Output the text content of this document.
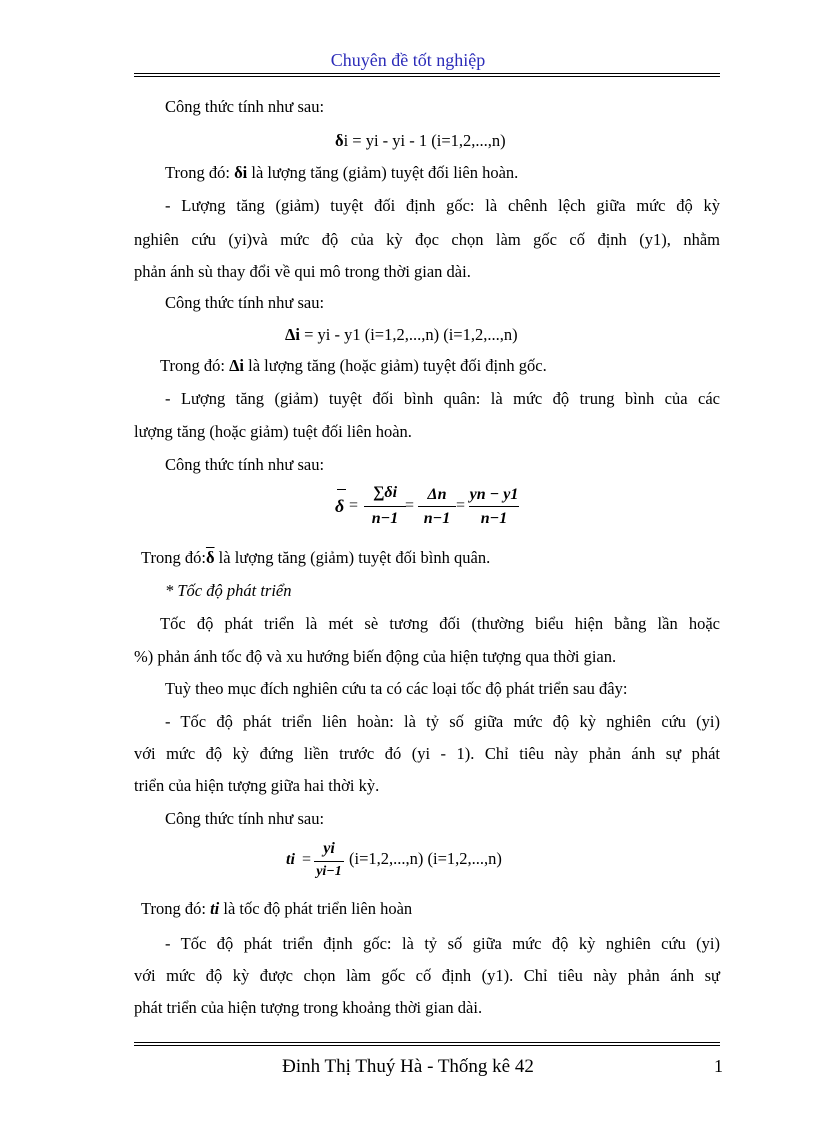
Chuyên đề tốt nghiệp
Công thức tính như sau:
δi = yi - yi - 1 (i=1,2,...,n)
Trong đó: δi là lượng tăng (giảm) tuyệt đối liên hoàn.
- Lượng tăng (giảm) tuyệt đối định gốc: là chênh lệch giữa mức độ kỳ
nghiên cứu (yi)và mức độ của kỳ đọc chọn làm gốc cố định (y1), nhằm
phản ánh sù thay đổi về qui mô trong thời gian dài.
Công thức tính như sau:
Δi = yi - y1 (i=1,2,...,n) (i=1,2,...,n)
Trong đó: Δi là lượng tăng (hoặc giảm) tuyệt đối định gốc.
- Lượng tăng (giảm) tuyệt đối bình quân: là mức độ trung bình của các
lượng tăng (hoặc giảm) tuệt đối liên hoàn.
Công thức tính như sau:
δ =
∑δi
n−1
=
Δn
n−1
=
yn − y1
n−1
Trong $đó:\overline{\delta}$ là lượng tăng (giảm) tuyệt đối bình quân.
* Tốc độ phát triển
Tốc độ phát triển là mét sè tương đối (thường biểu hiện bằng lần hoặc
%) phản ánh tốc độ và xu hướng biến động của hiện tượng qua thời gian.
Tuỳ theo mục đích nghiên cứu ta có các loại tốc độ phát triển sau đây:
- Tốc độ phát triển liên hoàn: là tỷ số giữa mức độ kỳ nghiên cứu (yi)
với mức độ kỳ đứng liền trước đó (yi - 1). Chỉ tiêu này phản ánh sự phát
triển của hiện tượng giữa hai thời kỳ.
Công thức tính như sau:
ti =
yi
yi−1
(i=1,2,...,n) (i=1,2,...,n)
Trong đó: ti là tốc độ phát triển liên hoàn
- Tốc độ phát triển định gốc: là tỷ số giữa mức độ kỳ nghiên cứu (yi)
với mức độ kỳ được chọn làm gốc cố định (y1). Chỉ tiêu này phản ánh sự
phát triển của hiện tượng trong khoảng thời gian dài.
Đinh Thị Thuý Hà - Thống kê 42	1
